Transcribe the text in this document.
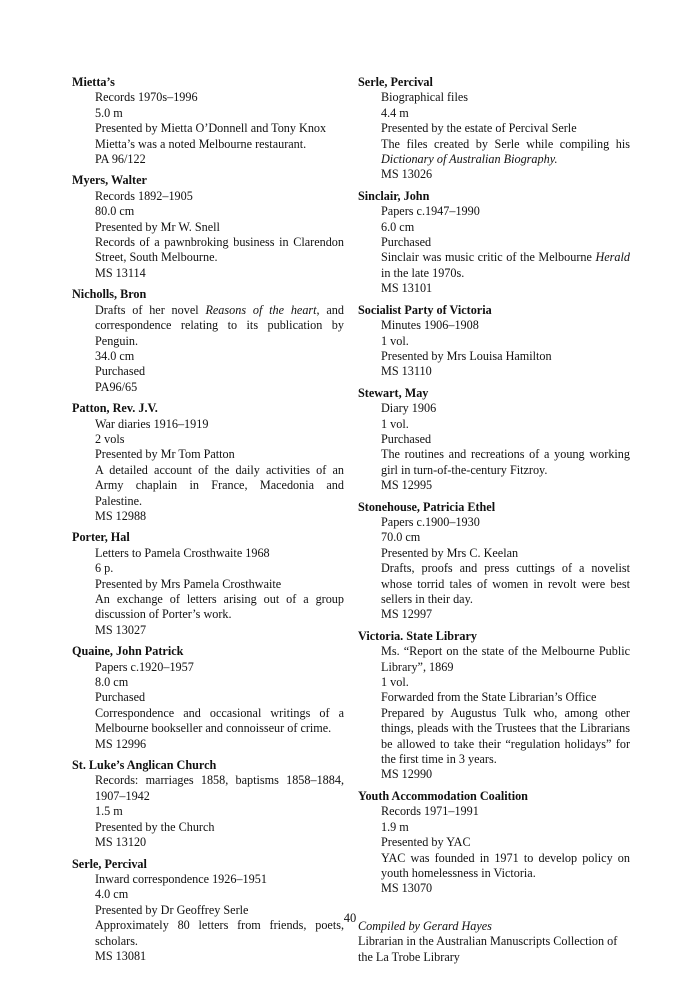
Mietta’s
Records 1970s–1996
5.0 m
Presented by Mietta O’Donnell and Tony Knox
Mietta’s was a noted Melbourne restaurant.
PA 96/122
Myers, Walter
Records 1892–1905
80.0 cm
Presented by Mr W. Snell
Records of a pawnbroking business in Clarendon Street, South Melbourne.
MS 13114
Nicholls, Bron
Drafts of her novel Reasons of the heart, and correspondence relating to its publication by Penguin.
34.0 cm
Purchased
PA96/65
Patton, Rev. J.V.
War diaries 1916–1919
2 vols
Presented by Mr Tom Patton
A detailed account of the daily activities of an Army chaplain in France, Macedonia and Palestine.
MS 12988
Porter, Hal
Letters to Pamela Crosthwaite 1968
6 p.
Presented by Mrs Pamela Crosthwaite
An exchange of letters arising out of a group discussion of Porter’s work.
MS 13027
Quaine, John Patrick
Papers c.1920–1957
8.0 cm
Purchased
Correspondence and occasional writings of a Melbourne bookseller and connoisseur of crime.
MS 12996
St. Luke’s Anglican Church
Records: marriages 1858, baptisms 1858–1884, 1907–1942
1.5 m
Presented by the Church
MS 13120
Serle, Percival
Inward correspondence 1926–1951
4.0 cm
Presented by Dr Geoffrey Serle
Approximately 80 letters from friends, poets, scholars.
MS 13081
Serle, Percival
Biographical files
4.4 m
Presented by the estate of Percival Serle
The files created by Serle while compiling his Dictionary of Australian Biography.
MS 13026
Sinclair, John
Papers c.1947–1990
6.0 cm
Purchased
Sinclair was music critic of the Melbourne Herald in the late 1970s.
MS 13101
Socialist Party of Victoria
Minutes 1906–1908
1 vol.
Presented by Mrs Louisa Hamilton
MS 13110
Stewart, May
Diary 1906
1 vol.
Purchased
The routines and recreations of a young working girl in turn-of-the-century Fitzroy.
MS 12995
Stonehouse, Patricia Ethel
Papers c.1900–1930
70.0 cm
Presented by Mrs C. Keelan
Drafts, proofs and press cuttings of a novelist whose torrid tales of women in revolt were best sellers in their day.
MS 12997
Victoria. State Library
Ms. “Report on the state of the Melbourne Public Library”, 1869
1 vol.
Forwarded from the State Librarian’s Office
Prepared by Augustus Tulk who, among other things, pleads with the Trustees that the Librarians be allowed to take their “regulation holidays” for the first time in 3 years.
MS 12990
Youth Accommodation Coalition
Records 1971–1991
1.9 m
Presented by YAC
YAC was founded in 1971 to develop policy on youth homelessness in Victoria.
MS 13070
Compiled by Gerard Hayes
Librarian in the Australian Manuscripts Collection of the La Trobe Library
40
